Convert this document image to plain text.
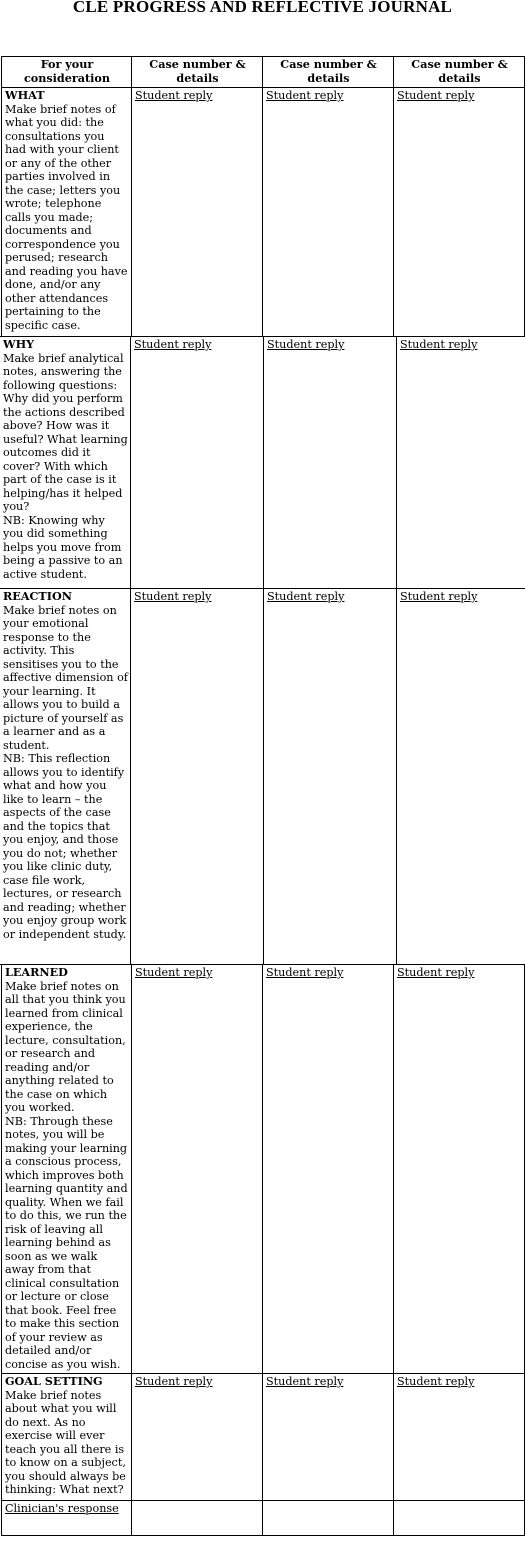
CLE PROGRESS AND REFLECTIVE JOURNAL
For your consideration	Case number & details	Case number & details	Case number & details

WHAT
Make brief notes of what you did: the consultations you had with your client or any of the other parties involved in the case; letters you wrote; telephone calls you made; documents and correspondence you perused; research and reading you have done, and/or any other attendances pertaining to the specific case.	Student reply	Student reply	Student reply
WHY
Make brief analytical notes, answering the following questions: Why did you perform the actions described above? How was it useful? What learning outcomes did it cover? With which part of the case is it helping/has it helped you?
NB: Knowing why you did something helps you move from being a passive to an active student.	Student reply	Student reply	Student reply
REACTION
Make brief notes on your emotional response to the activity. This sensitises you to the affective dimension of your learning. It allows you to build a picture of yourself as a learner and as a student.
NB: This reflection allows you to identify what and how you like to learn – the aspects of the case and the topics that you enjoy, and those you do not; whether you like clinic duty, case file work, lectures, or research and reading; whether you enjoy group work or independent study.	Student reply	Student reply	Student reply
LEARNED
Make brief notes on all that you think you learned from clinical experience, the lecture, consultation, or research and reading and/or anything related to the case on which you worked.
NB: Through these notes, you will be making your learning a conscious process, which improves both learning quantity and quality. When we fail to do this, we run the risk of leaving all learning behind as soon as we walk away from that clinical consultation or lecture or close that book. Feel free to make this section of your review as detailed and/or concise as you wish.	Student reply	Student reply	Student reply

GOAL SETTING
Make brief notes about what you will do next. As no exercise will ever teach you all there is to know on a subject, you should always be thinking: What next?	Student reply	Student reply	Student reply
Clinician's response			
